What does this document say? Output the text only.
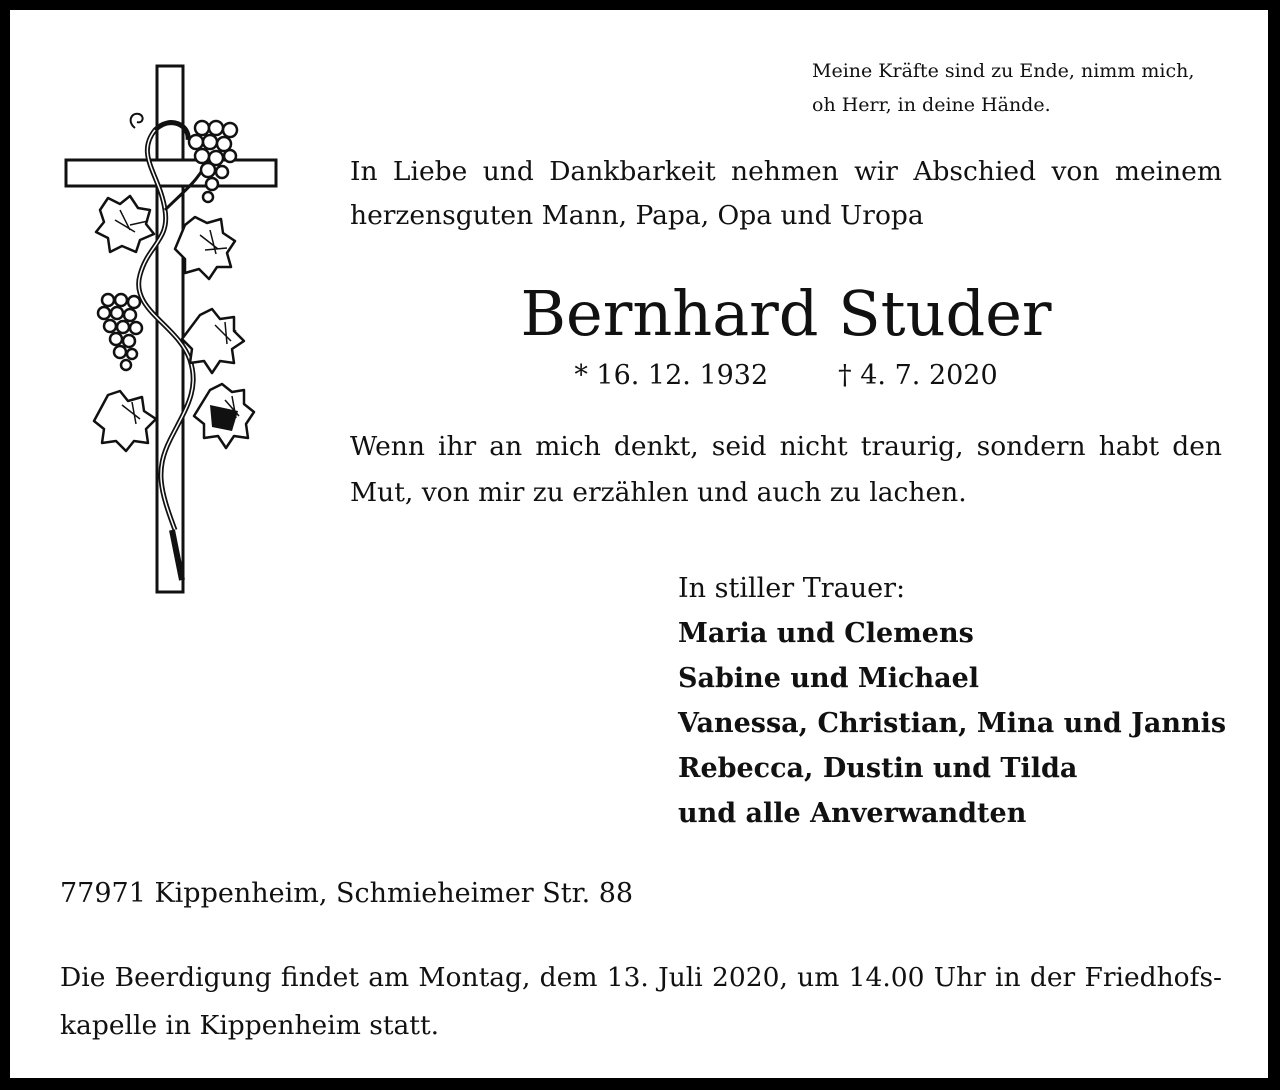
Meine Kräfte sind zu Ende, nimm mich,
oh Herr, in deine Hände.
In Liebe und Dankbarkeit nehmen wir Abschied von meinem
herzensguten Mann, Papa, Opa und Uropa
Bernhard Studer
* 16. 12. 1932	† 4. 7. 2020
Wenn ihr an mich denkt, seid nicht traurig, sondern habt den
Mut, von mir zu erzählen und auch zu lachen.
In stiller Trauer:
Maria und Clemens
Sabine und Michael
Vanessa, Christian, Mina und Jannis
Rebecca, Dustin und Tilda
und alle Anverwandten
77971 Kippenheim, Schmieheimer Str. 88
Die Beerdigung findet am Montag, dem 13. Juli 2020, um 14.00 Uhr in der Friedhofs-
kapelle in Kippenheim statt.
